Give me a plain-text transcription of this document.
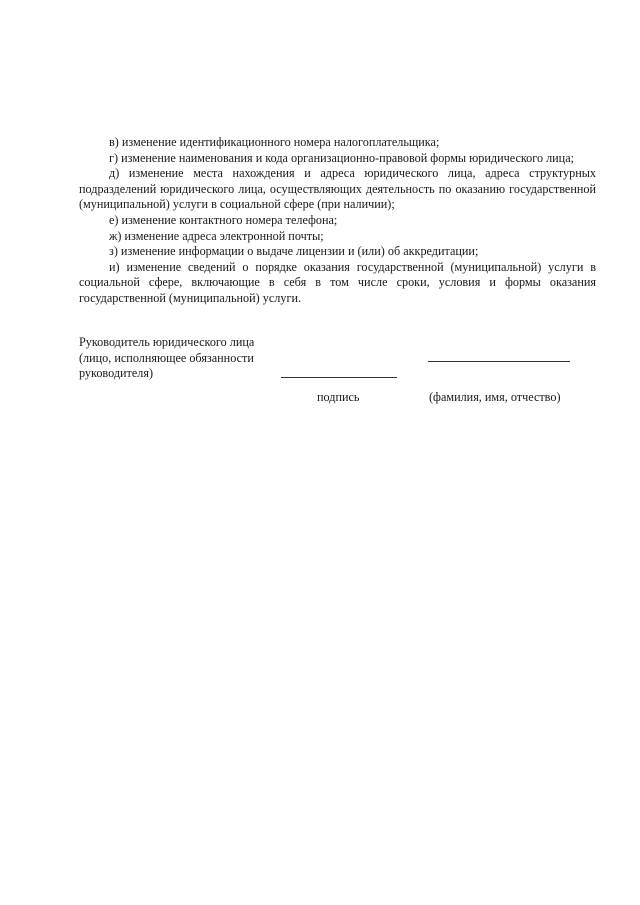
в) изменение идентификационного номера налогоплательщика;

г) изменение наименования и кода организационно-правовой формы юридического лица;

д) изменение места нахождения и адреса юридического лица, адреса структурных подразделений юридического лица, осуществляющих деятельность по оказанию государственной (муниципальной) услуги в социальной сфере (при наличии);

е) изменение контактного номера телефона;

ж) изменение адреса электронной почты;

з) изменение информации о выдаче лицензии и (или) об аккредитации;

и) изменение сведений о порядке оказания государственной (муниципальной) услуги в социальной сфере, включающие в себя в том числе сроки, условия и формы оказания государственной (муниципальной) услуги.

Руководитель юридического лица
(лицо, исполняющее обязанности
руководителя)

подпись	(фамилия, имя, отчество)
